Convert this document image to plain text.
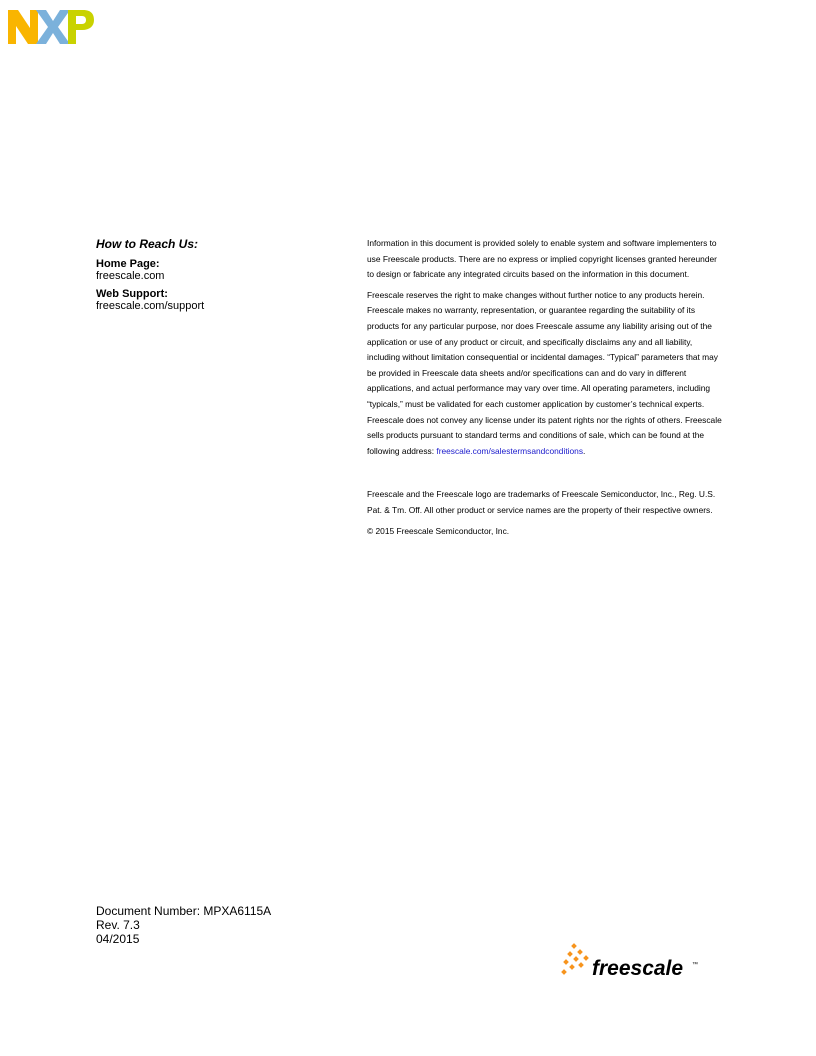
How to Reach Us:
Home Page:
freescale.com
Web Support:
freescale.com/support

Information in this document is provided solely to enable system and software implementers to use Freescale products. There are no express or implied copyright licenses granted hereunder to design or fabricate any integrated circuits based on the information in this document.

Freescale reserves the right to make changes without further notice to any products herein. Freescale makes no warranty, representation, or guarantee regarding the suitability of its products for any particular purpose, nor does Freescale assume any liability arising out of the application or use of any product or circuit, and specifically disclaims any and all liability, including without limitation consequential or incidental damages. “Typical” parameters that may be provided in Freescale data sheets and/or specifications can and do vary in different applications, and actual performance may vary over time. All operating parameters, including “typicals,” must be validated for each customer application by customer’s technical experts. Freescale does not convey any license under its patent rights nor the rights of others. Freescale sells products pursuant to standard terms and conditions of sale, which can be found at the following address: freescale.com/salestermsandconditions.

Freescale and the Freescale logo are trademarks of Freescale Semiconductor, Inc., Reg. U.S. Pat. & Tm. Off. All other product or service names are the property of their respective owners.

© 2015 Freescale Semiconductor, Inc.

Document Number: MPXA6115A
Rev. 7.3
04/2015
freescale ™
